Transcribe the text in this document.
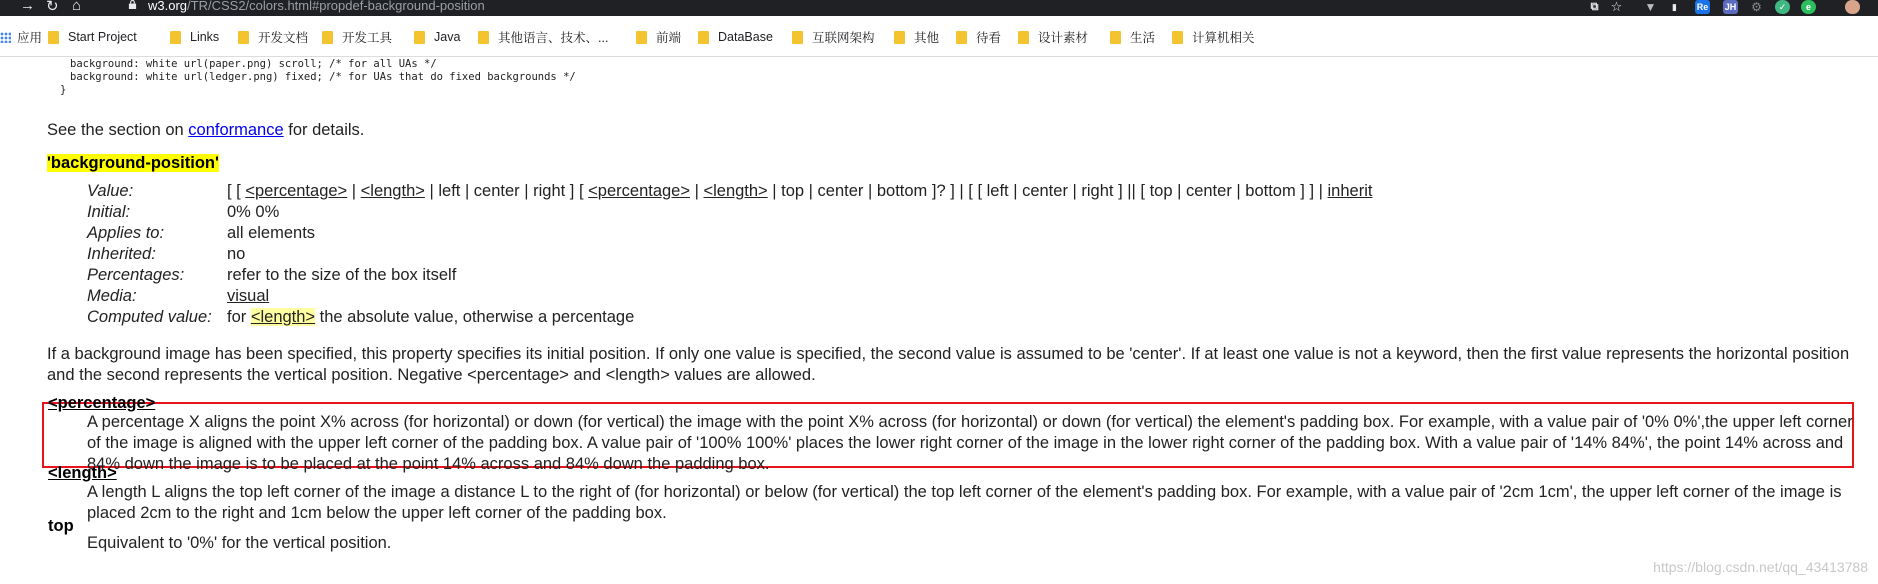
→ ↻ ⌂	w3.org/TR/CSS2/colors.html#propdef-background-position	⧉ ☆ ▼	▮	Re JH ⚙	✓	e
应用 Start Project	Links	开发文档	开发工具	Java	其他语言、技术、...	前端	DataBase	互联网架构	其他	待看	设计素材	生活	计算机相关
background: white url(paper.png) scroll; /* for all UAs */
background: white url(ledger.png) fixed; /* for UAs that do fixed backgrounds */
}
See the section on conformance for details.
'background-position'
Value:	[ [ <percentage> | <length> | left | center | right ] [ <percentage> | <length> | top | center | bottom ]? ] | [ [ left | center | right ] || [ top | center | bottom ] ] | inherit
Initial:	0% 0%
Applies to:	all elements
Inherited:	no
Percentages:	refer to the size of the box itself
Media:	visual
Computed value:	for <length> the absolute value, otherwise a percentage
If a background image has been specified, this property specifies its initial position. If only one value is specified, the second value is assumed to be 'center'. If at least one value is not a keyword, then the first value represents the horizontal position and the second represents the vertical position. Negative <percentage> and <length> values are allowed.
<percentage>
A percentage X aligns the point X% across (for horizontal) or down (for vertical) the image with the point X% across (for horizontal) or down (for vertical) the element's padding box. For example, with a value pair of '0% 0%',the upper left corner of the image is aligned with the upper left corner of the padding box. A value pair of '100% 100%' places the lower right corner of the image in the lower right corner of the padding box. With a value pair of '14% 84%', the point 14% across and 84% down the image is to be placed at the point 14% across and 84% down the padding box.
<length>
A length L aligns the top left corner of the image a distance L to the right of (for horizontal) or below (for vertical) the top left corner of the element's padding box. For example, with a value pair of '2cm 1cm', the upper left corner of the image is placed 2cm to the right and 1cm below the upper left corner of the padding box.
top
Equivalent to '0%' for the vertical position.
https://blog.csdn.net/qq_43413788
